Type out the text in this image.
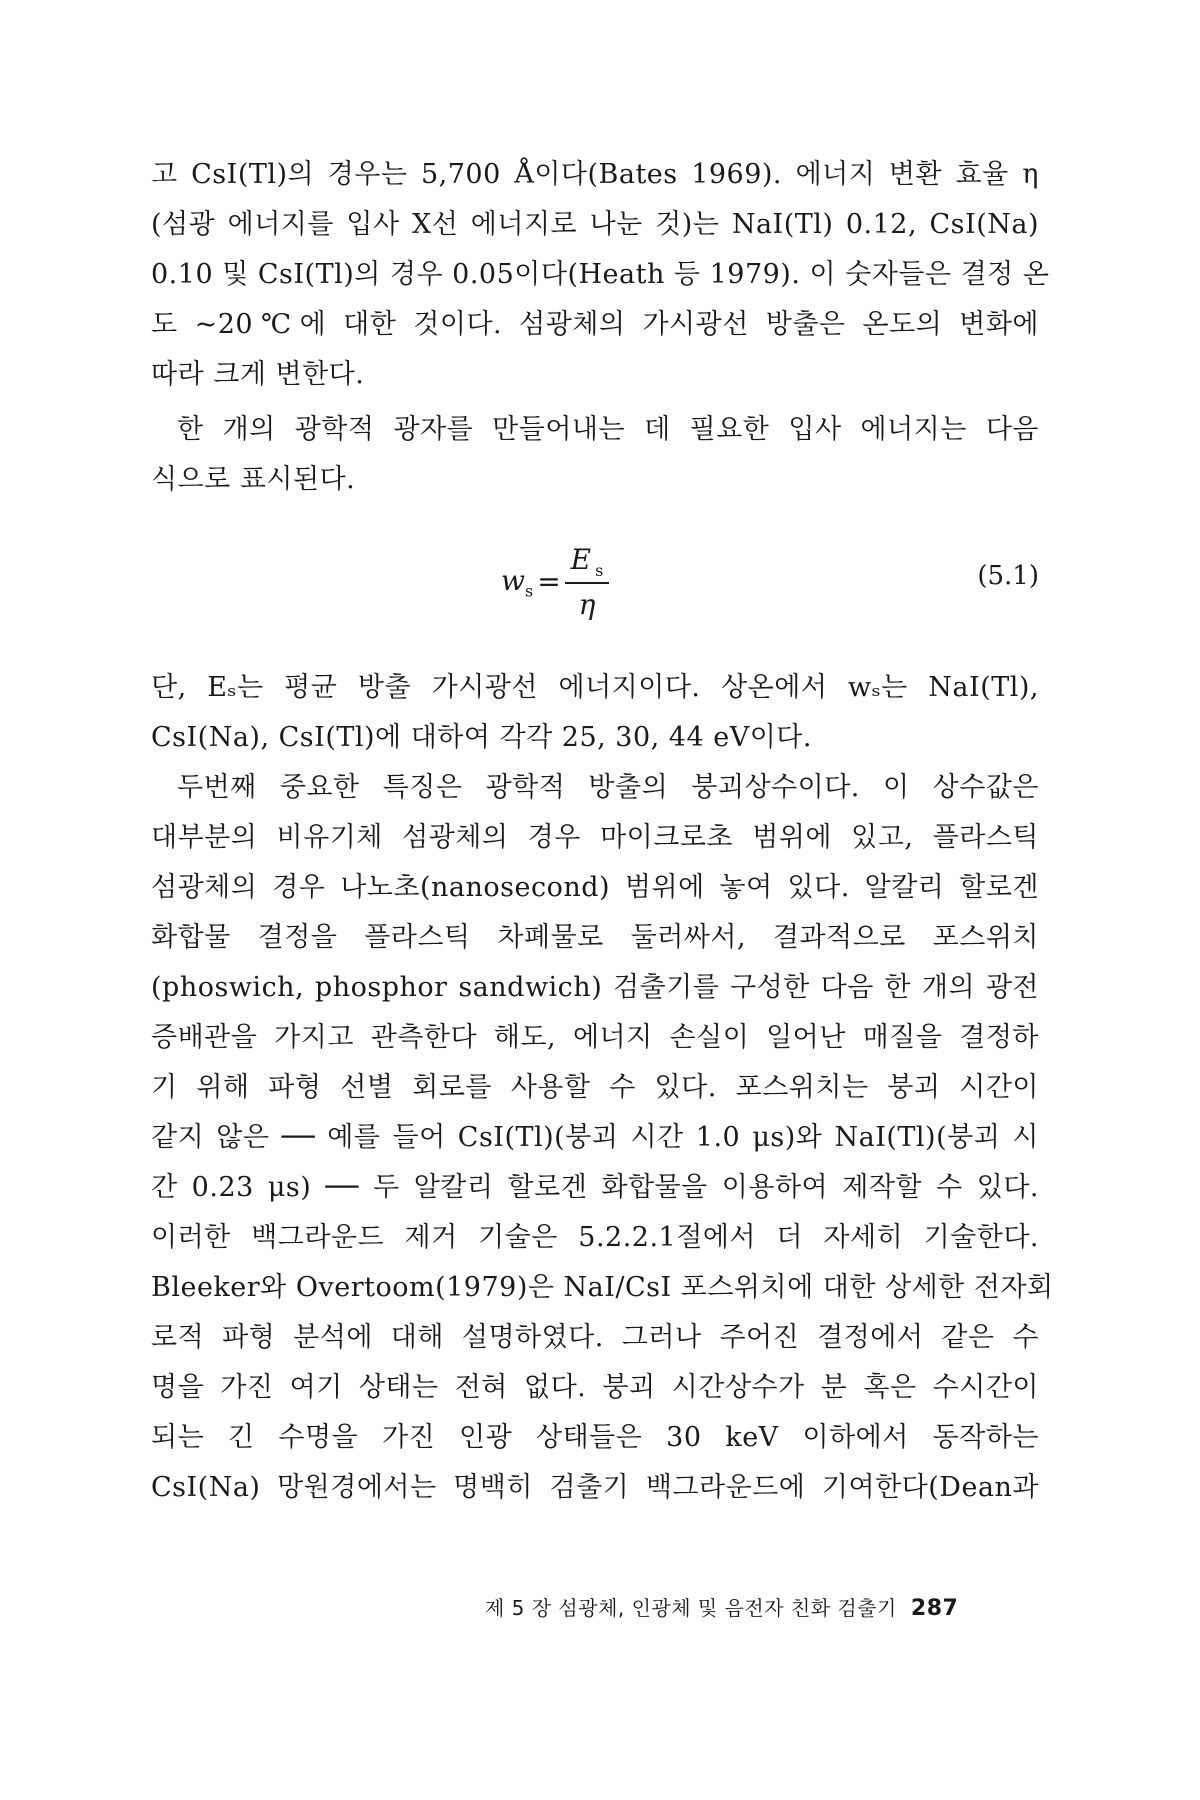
고 CsI(Tl)의 경우는 5,700 Å이다(Bates 1969). 에너지 변환 효율 η
(섬광 에너지를 입사 X선 에너지로 나눈 것)는 NaI(Tl) 0.12, CsI(Na)
0.10 및 CsI(Tl)의 경우 0.05이다(Heath 등 1979). 이 숫자들은 결정 온
도 ~20℃에 대한 것이다. 섬광체의 가시광선 방출은 온도의 변화에
따라 크게 변한다.
한 개의 광학적 광자를 만들어내는 데 필요한 입사 에너지는 다음
식으로 표시된다.
$w_s = \frac{E _s}{\eta}$	(5.1)
단, Eₛ는 평균 방출 가시광선 에너지이다. 상온에서 wₛ는 NaI(Tl),
CsI(Na), CsI(Tl)에 대하여 각각 25, 30, 44 eV이다.
두번째 중요한 특징은 광학적 방출의 붕괴상수이다. 이 상수값은
대부분의 비유기체 섬광체의 경우 마이크로초 범위에 있고, 플라스틱
섬광체의 경우 나노초(nanosecond) 범위에 놓여 있다. 알칼리 할로겐
화합물 결정을 플라스틱 차폐물로 둘러싸서, 결과적으로 포스위치
(phoswich, phosphor sandwich) 검출기를 구성한 다음 한 개의 광전
증배관을 가지고 관측한다 해도, 에너지 손실이 일어난 매질을 결정하
기 위해 파형 선별 회로를 사용할 수 있다. 포스위치는 붕괴 시간이
같지 않은 ── 예를 들어 CsI(Tl)(붕괴 시간 1.0 μs)와 NaI(Tl)(붕괴 시
간 0.23 μs) ── 두 알칼리 할로겐 화합물을 이용하여 제작할 수 있다.
이러한 백그라운드 제거 기술은 5.2.2.1절에서 더 자세히 기술한다.
Bleeker와 Overtoom(1979)은 NaI/CsI 포스위치에 대한 상세한 전자회
로적 파형 분석에 대해 설명하였다. 그러나 주어진 결정에서 같은 수
명을 가진 여기 상태는 전혀 없다. 붕괴 시간상수가 분 혹은 수시간이
되는 긴 수명을 가진 인광 상태들은 30 keV 이하에서 동작하는
CsI(Na) 망원경에서는 명백히 검출기 백그라운드에 기여한다(Dean과
제 5 장 섬광체, 인광체 및 음전자 친화 검출기 287
